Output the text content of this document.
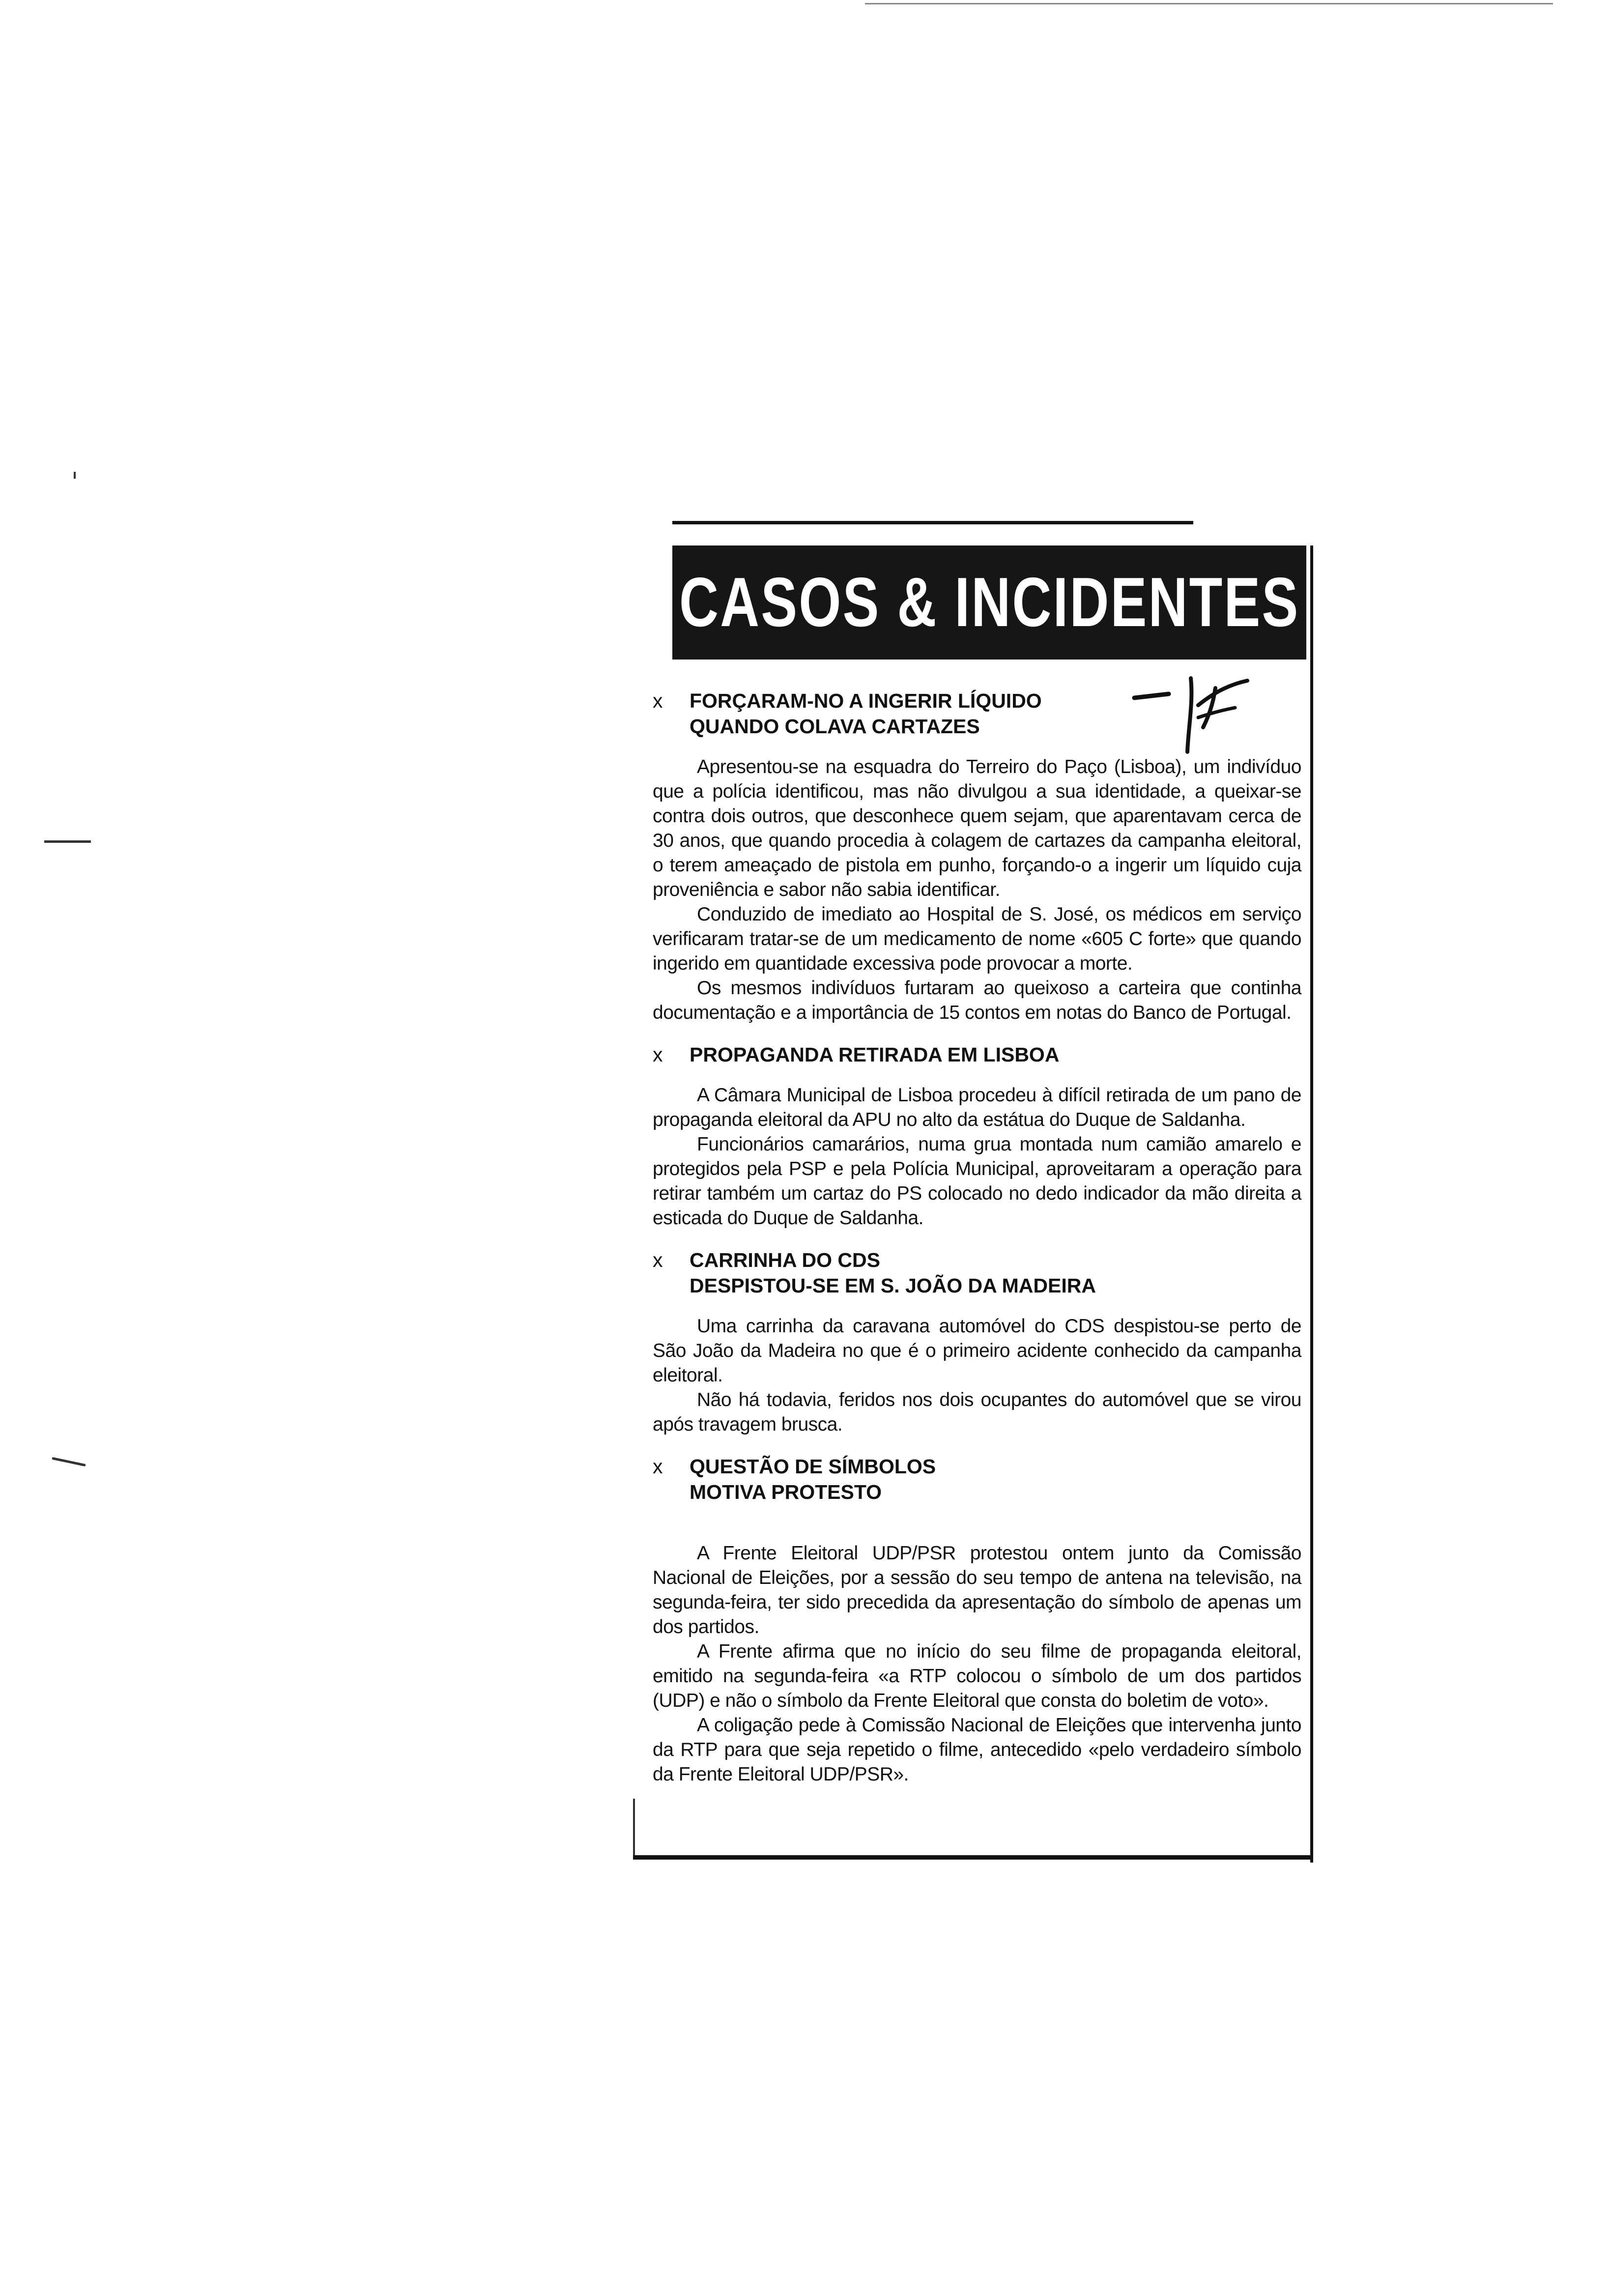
CASOS & INCIDENTES
x	FORÇARAM-NO A INGERIR LÍQUIDO
QUANDO COLAVA CARTAZES

Apresentou-se na esquadra do Terreiro do Paço (Lisboa), um indivíduo que a polícia identificou, mas não divulgou a sua identidade, a queixar-se contra dois outros, que desconhece quem sejam, que aparentavam cerca de 30 anos, que quando procedia à colagem de cartazes da campanha eleitoral, o terem ameaçado de pistola em punho, forçando-o a ingerir um líquido cuja proveniência e sabor não sabia identificar.

Conduzido de imediato ao Hospital de S. José, os médicos em serviço verificaram tratar-se de um medicamento de nome «605 C forte» que quando ingerido em quantidade excessiva pode provocar a morte.

Os mesmos indivíduos furtaram ao queixoso a carteira que continha documentação e a importância de 15 contos em notas do Banco de Portugal.

x	PROPAGANDA RETIRADA EM LISBOA

A Câmara Municipal de Lisboa procedeu à difícil retirada de um pano de propaganda eleitoral da APU no alto da estátua do Duque de Saldanha.

Funcionários camarários, numa grua montada num camião amarelo e protegidos pela PSP e pela Polícia Municipal, aproveitaram a operação para retirar também um cartaz do PS colocado no dedo indicador da mão direita a esticada do Duque de Saldanha.

x	CARRINHA DO CDS
DESPISTOU-SE EM S. JOÃO DA MADEIRA

Uma carrinha da caravana automóvel do CDS despistou-se perto de São João da Madeira no que é o primeiro acidente conhecido da campanha eleitoral.

Não há todavia, feridos nos dois ocupantes do automóvel que se virou após travagem brusca.

x	QUESTÃO DE SÍMBOLOS
MOTIVA PROTESTO

A Frente Eleitoral UDP/PSR protestou ontem junto da Comissão Nacional de Eleições, por a sessão do seu tempo de antena na televisão, na segunda-feira, ter sido precedida da apresentação do símbolo de apenas um dos partidos.

A Frente afirma que no início do seu filme de propaganda eleitoral, emitido na segunda-feira «a RTP colocou o símbolo de um dos partidos (UDP) e não o símbolo da Frente Eleitoral que consta do boletim de voto».

A coligação pede à Comissão Nacional de Eleições que intervenha junto da RTP para que seja repetido o filme, antecedido «pelo verdadeiro símbolo da Frente Eleitoral UDP/PSR».
